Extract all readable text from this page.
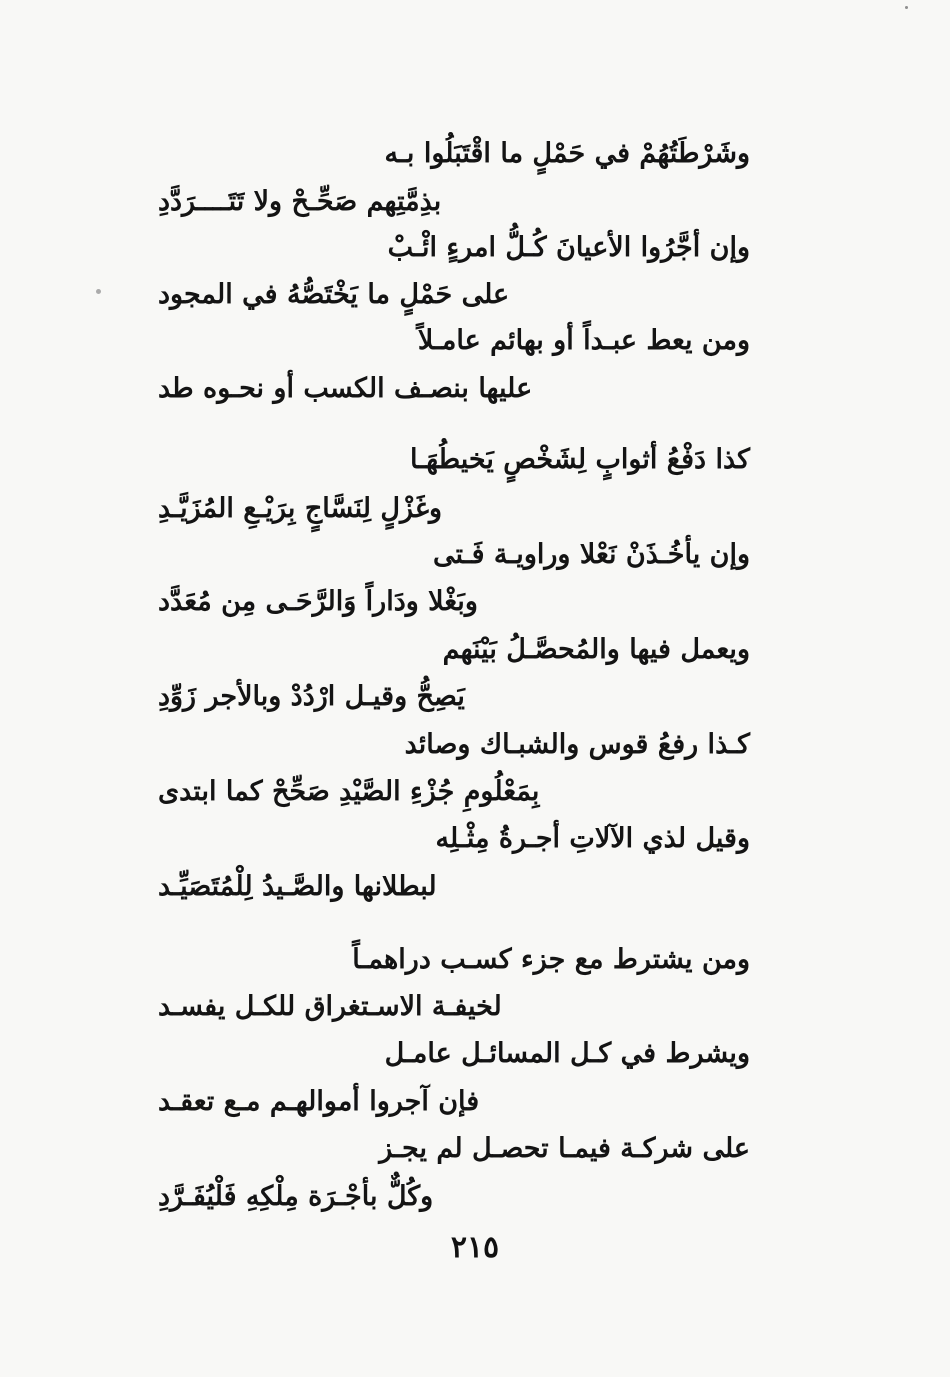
وشَرْطَتُهُمْ في حَمْلٍ ما اقْتَبَلُوا بـه
بذِمَّتِهم صَحِّـحْ ولا تَتَــــرَدَّدِ
وإن أجَّرُوا الأعيانَ كُـلُّ امرءٍ ائْـبْ
على حَمْلٍ ما يَخْتَصُّهُ في المجود
ومن يعط عبـداً أو بهائم عامـلاً
عليها بنصـف الكسب أو نحـوه طد
كذا دَفْعُ أثوابٍ لِشَخْصٍ يَخيطُهَـا
وغَزْلٍ لِنَسَّاجٍ بِرَيْـعِ المُزَيَّـدِ
وإن يأخُـذَنْ نَعْلا وراويـة فَـتى
وبَغْلا ودَاراً وَالرَّحَـى مِن مُعَدَّد
ويعمل فيها والمُحصَّـلُ بَيْنَهم
يَصِحُّ وقيـل ارْدُدْ وبالأجر زَوِّدِ
كـذا رفعُ قوس والشبـاك وصائد
بِمَعْلُومِ جُزْءِ الصَّيْدِ صَحِّحْ كما ابتدى
وقيل لذي الآلاتِ أجـرةُ مِثْـلِه
لبطلانها والصَّـيدُ لِلْمُتَصَيِّـد
ومن يشترط مع جزء كسـب دراهمـاً
لخيفـة الاسـتغراق للكـل يفسـد
ويشرط في كـل المسائـل عامـل
فإن آجروا أموالهـم مـع تعقـد
على شركـة فيمـا تحصـل لم يجـز
وكُلٌّ بأجْـرَة مِلْكِهِ فَلْيُفَـرَّدِ
٢١٥
